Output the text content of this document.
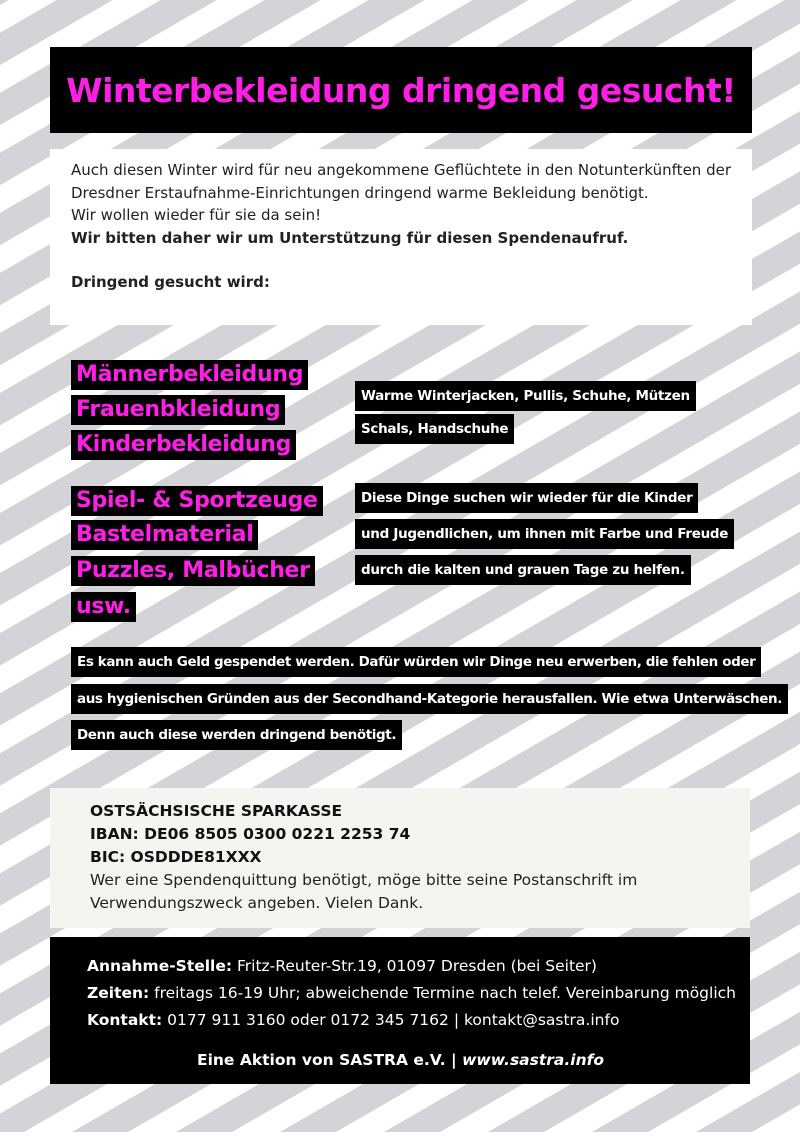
Winterbekleidung dringend gesucht!

Auch diesen Winter wird für neu angekommene Geflüchtete in den Notunterkünften der

Dresdner Erstaufnahme-Einrichtungen dringend warme Bekleidung benötigt.

Wir wollen wieder für sie da sein!

Wir bitten daher wir um Unterstützung für diesen Spendenaufruf.

Dringend gesucht wird:

Männerbekleidung
Frauenbkleidung
Kinderbekleidung
Warme Winterjacken, Pullis, Schuhe, Mützen
Schals, Handschuhe
Spiel- & Sportzeuge
Bastelmaterial
Puzzles, Malbücher
usw.
Diese Dinge suchen wir wieder für die Kinder
und Jugendlichen, um ihnen mit Farbe und Freude
durch die kalten und grauen Tage zu helfen.
Es kann auch Geld gespendet werden. Dafür würden wir Dinge neu erwerben, die fehlen oder
aus hygienischen Gründen aus der Secondhand-Kategorie herausfallen. Wie etwa Unterwäschen.
Denn auch diese werden dringend benötigt.

OSTSÄCHSISCHE SPARKASSE

IBAN: DE06 8505 0300 0221 2253 74

BIC: OSDDDE81XXX

Wer eine Spendenquittung benötigt, möge bitte seine Postanschrift im

Verwendungszweck angeben. Vielen Dank.

Annahme-Stelle: Fritz-Reuter-Str.19, 01097 Dresden (bei Seiter)

Zeiten: freitags 16-19 Uhr; abweichende Termine nach telef. Vereinbarung möglich

Kontakt: 0177 911 3160 oder 0172 345 7162 | kontakt@sastra.info

Eine Aktion von SASTRA e.V. | www.sastra.info
